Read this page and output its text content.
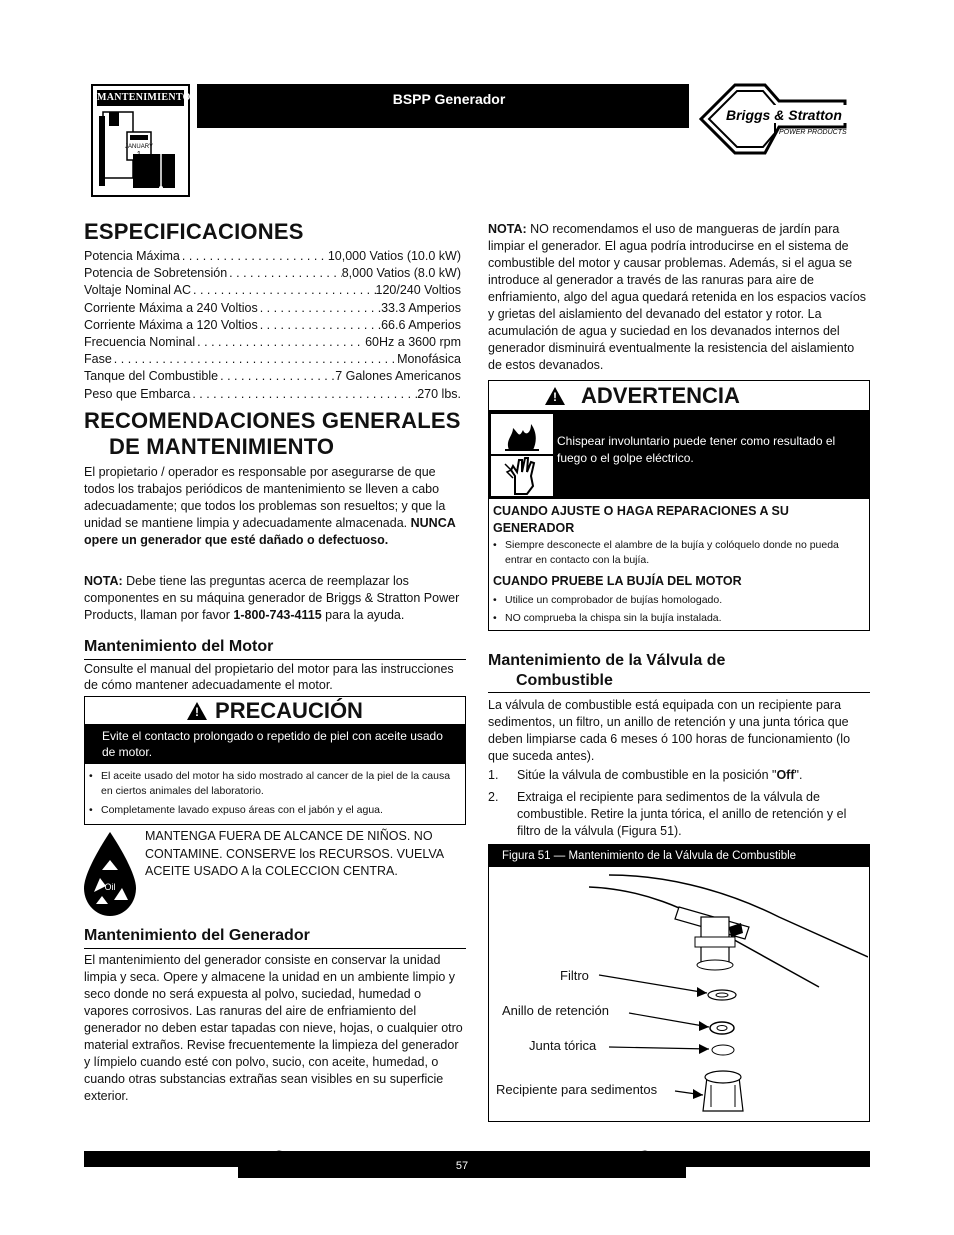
MANTENIMIENTO
JANUARY
BSPP Generador
Briggs & Stratton
POWER PRODUCTS
ESPECIFICACIONES
Potencia Máxima . . .	10,000 Vatios (10.0 kW)
Potencia de Sobretensión . . .	8,000 Vatios (8.0 kW)
Voltaje Nominal AC . . .	120/240 Voltios
Corriente Máxima a 240 Voltios . . .	33.3 Amperios
Corriente Máxima a 120 Voltios . . .	66.6 Amperios
Frecuencia Nominal . . .	60Hz a 3600 rpm
Fase . . .	Monofásica
Tanque del Combustible . . .	7 Galones Americanos
Peso que Embarca . . .	270 lbs.
RECOMENDACIONES GENERALES
DE MANTENIMIENTO
El propietario / operador es responsable por asegurarse de que todos los trabajos periódicos de mantenimiento se lleven a cabo adecuadamente; que todos los problemas son resueltos; y que la unidad se mantiene limpia y adecuadamente almacenada. NUNCA opere un generador que esté dañado o defectuoso.
NOTA: Debe tiene las preguntas acerca de reemplazar los componentes en su máquina generador de Briggs & Stratton Power Products, llaman por favor 1-800-743-4115 para la ayuda.
Mantenimiento del Motor
Consulte el manual del propietario del motor para las instrucciones de cómo mantener adecuadamente el motor.
!
PRECAUCIÓN
Evite el contacto prolongado o repetido de piel con aceite usado de motor.
• El aceite usado del motor ha sido mostrado al cancer de la piel de la causa en ciertos animales del laboratorio.
• Completamente lavado expuso áreas con el jabón y el agua.
Oil
MANTENGA FUERA DE ALCANCE DE NIÑOS. NO CONTAMINE. CONSERVE los RECURSOS. VUELVA ACEITE USADO A la COLECCION CENTRA.
Mantenimiento del Generador
El mantenimiento del generador consiste en conservar la unidad limpia y seca. Opere y almacene la unidad en un ambiente limpio y seco donde no será expuesta al polvo, suciedad, humedad o vapores corrosivos. Las ranuras del aire de enfriamiento del generador no deben estar tapadas con nieve, hojas, o cualquier otro material extraños. Revise frecuentemente la limpieza del generador y límpielo cuando esté con polvo, sucio, con aceite, humedad, o cuando otras substancias extrañas sean visibles en su superficie exterior.
NOTA: NO recomendamos el uso de mangueras de jardín para limpiar el generador. El agua podría introducirse en el sistema de combustible del motor y causar problemas. Además, si el agua se introduce al generador a través de las ranuras para aire de enfriamiento, algo del agua quedará retenida en los espacios vacíos y grietas del aislamiento del devanado del estator y rotor. La acumulación de agua y suciedad en los devanados internos del generador disminuirá eventualmente la resistencia del aislamiento de estos devanados.
!
ADVERTENCIA
Chispear involuntario puede tener como resultado el fuego o el golpe eléctrico.
CUANDO AJUSTE O HAGA REPARACIONES A SU GENERADOR
• Siempre desconecte el alambre de la bujía y colóquelo donde no pueda entrar en contacto con la bujía.
CUANDO PRUEBE LA BUJÍA DEL MOTOR
• Utilice un comprobador de bujías homologado.
• NO comprueba la chispa sin la bujía instalada.
Mantenimiento de la Válvula de
Combustible
La válvula de combustible está equipada con un recipiente para sedimentos, un filtro, un anillo de retención y una junta tórica que deben limpiarse cada 6 meses ó 100 horas de funcionamiento (lo que suceda antes).
1. Sitúe la válvula de combustible en la posición "Off".
2.	Extraiga el recipiente para sedimentos de la válvula de combustible. Retire la junta tórica, el anillo de retención y el filtro de la válvula (Figura 51).
Figura 51 — Mantenimiento de la Válvula de Combustible
Filtro
Anillo de retención
Junta tórica
Recipiente para sedimentos
57
